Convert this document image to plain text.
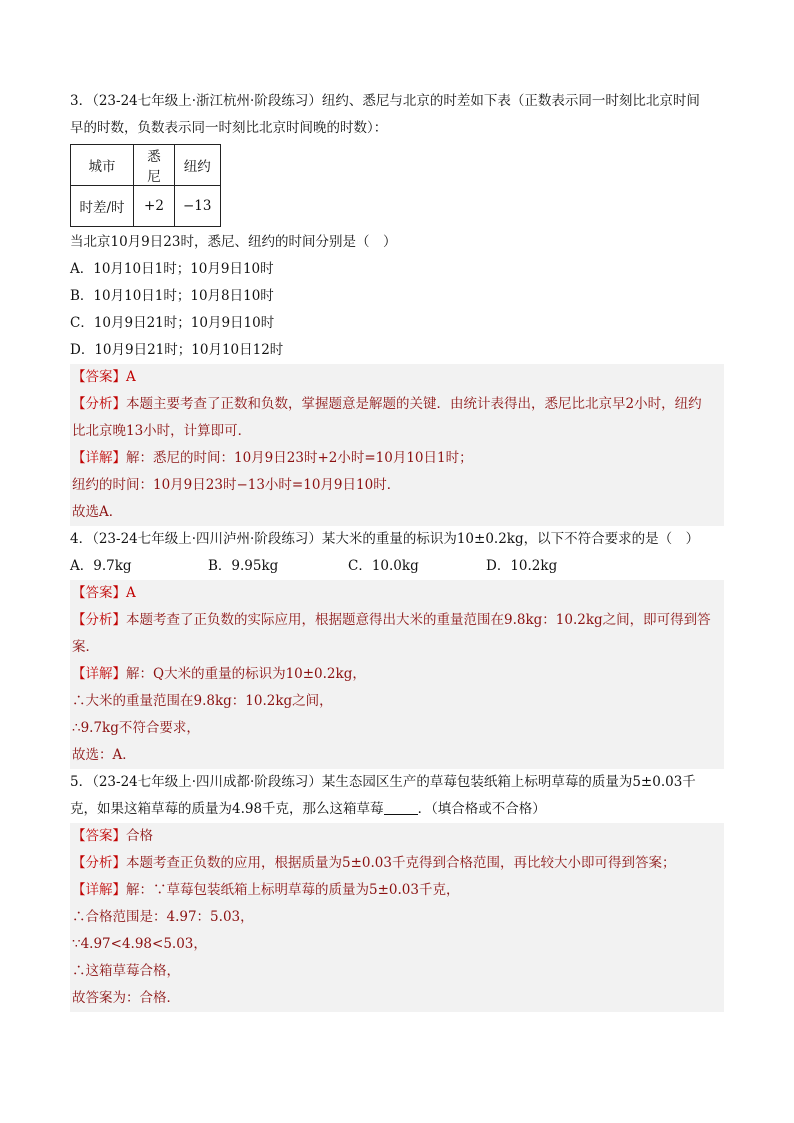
3．（23-24七年级上·浙江杭州·阶段练习）纽约、悉尼与北京的时差如下表（正数表示同一时刻比北京时间
早的时数，负数表示同一时刻比北京时间晚的时数）：
城市	悉尼	纽约
时差/时	+2	−13
当北京10月9日23时，悉尼、纽约的时间分别是（　）
A．10月10日1时；10月9日10时
B．10月10日1时；10月8日10时
C．10月9日21时；10月9日10时
D．10月9日21时；10月10日12时
【答案】A
【分析】本题主要考查了正数和负数，掌握题意是解题的关键．由统计表得出，悉尼比北京早2小时，纽约
比北京晚13小时，计算即可．
【详解】解：悉尼的时间：10月9日23时+2小时=10月10日1时；
纽约的时间：10月9日23时−13小时=10月9日10时．
故选A．
4．（23-24七年级上·四川泸州·阶段练习）某大米的重量的标识为10±0.2kg，以下不符合要求的是（　）
A．9.7kg	B．9.95kg	C．10.0kg	D．10.2kg
【答案】A
【分析】本题考查了正负数的实际应用，根据题意得出大米的重量范围在9.8kg：10.2kg之间，即可得到答
案．
【详解】解：Q大米的重量的标识为10±0.2kg，
∴大米的重量范围在9.8kg：10.2kg之间，
∴9.7kg不符合要求，
故选：A．
5．（23-24七年级上·四川成都·阶段练习）某生态园区生产的草莓包装纸箱上标明草莓的质量为5±0.03千
克，如果这箱草莓的质量为4.98千克，那么这箱草莓	．（填合格或不合格）
【答案】合格
【分析】本题考查正负数的应用，根据质量为5±0.03千克得到合格范围，再比较大小即可得到答案；
【详解】解：∵草莓包装纸箱上标明草莓的质量为5±0.03千克，
∴合格范围是：4.97：5.03，
∵4.97<4.98<5.03，
∴这箱草莓合格，
故答案为：合格．
